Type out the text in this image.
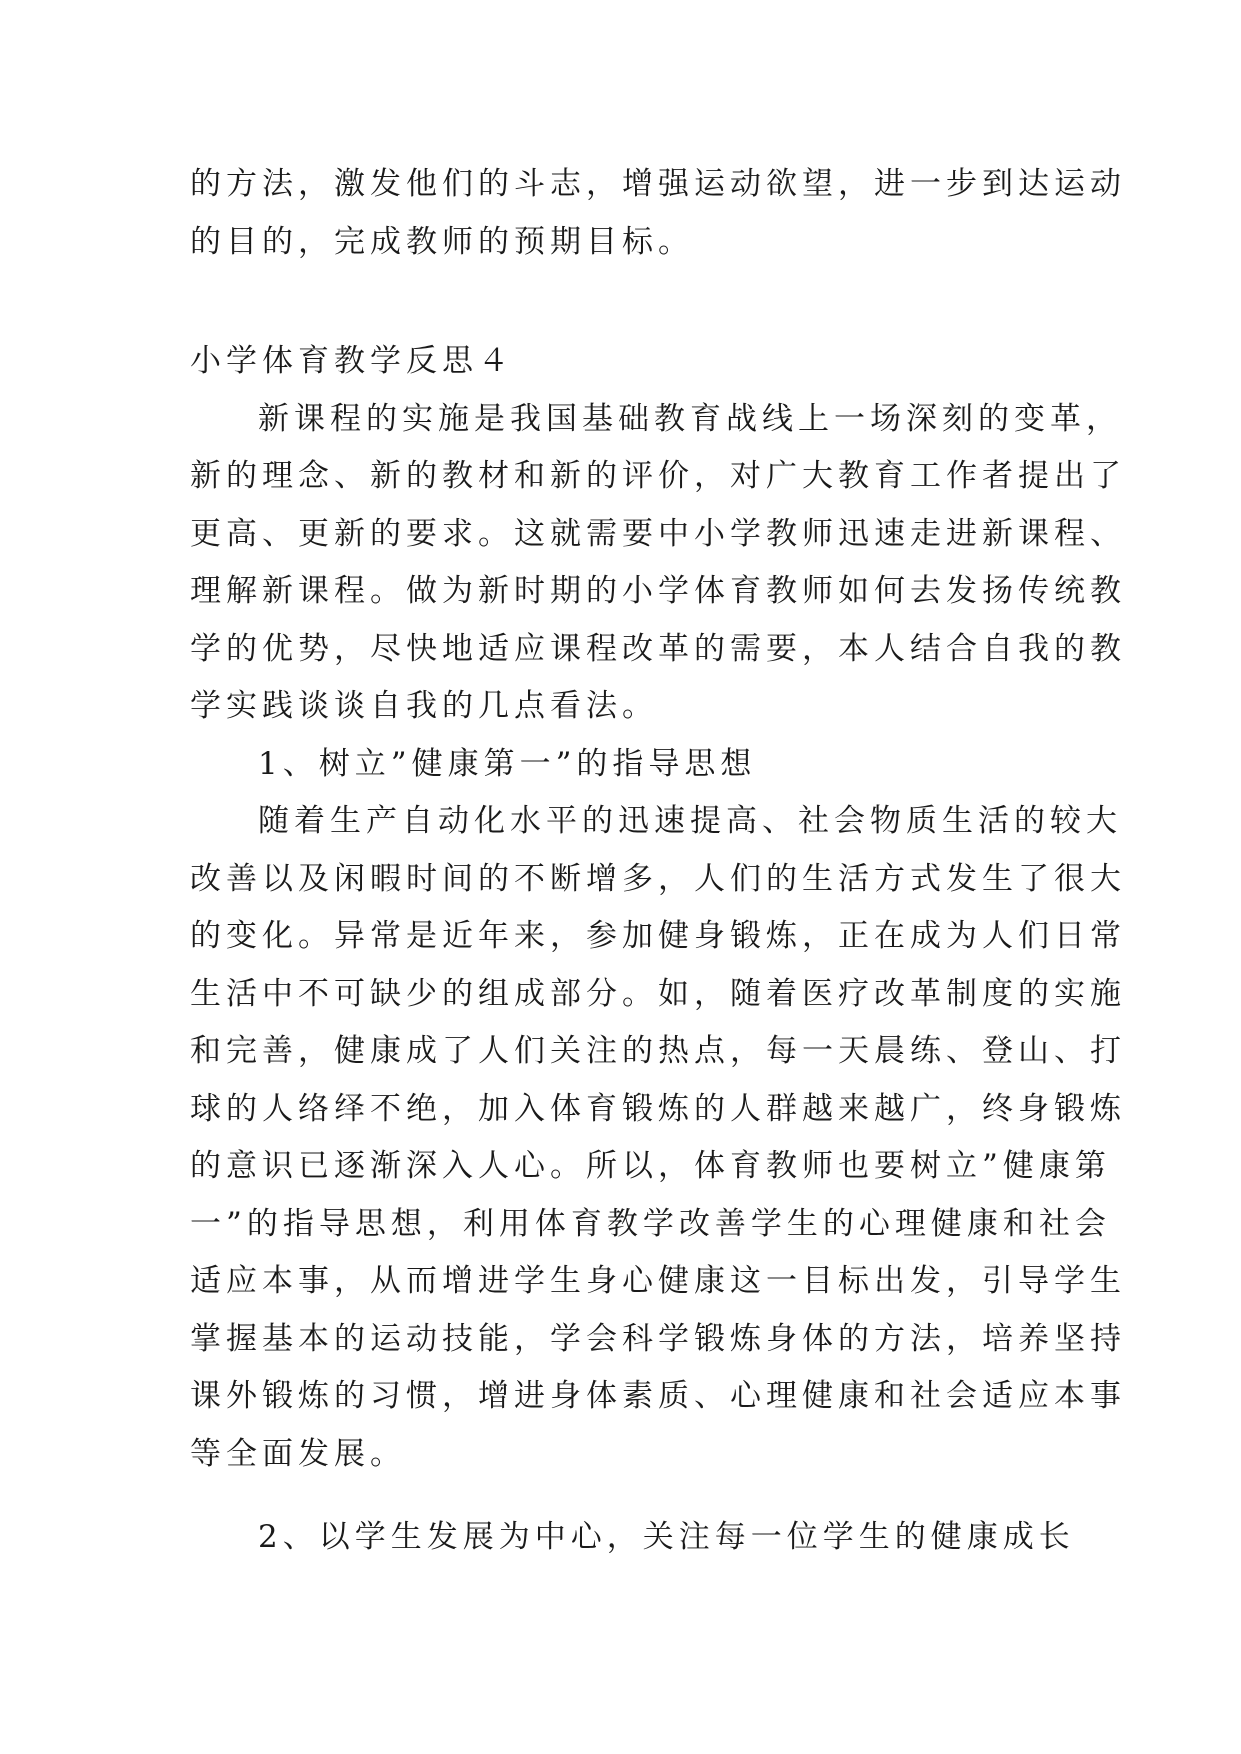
的方法，激发他们的斗志，增强运动欲望，进一步到达运动
的目的，完成教师的预期目标。
小学体育教学反思４
新课程的实施是我国基础教育战线上一场深刻的变革，
新的理念、新的教材和新的评价，对广大教育工作者提出了
更高、更新的要求。这就需要中小学教师迅速走进新课程、
理解新课程。做为新时期的小学体育教师如何去发扬传统教
学的优势，尽快地适应课程改革的需要，本人结合自我的教
学实践谈谈自我的几点看法。
1、树立”健康第一”的指导思想
随着生产自动化水平的迅速提高、社会物质生活的较大
改善以及闲暇时间的不断增多，人们的生活方式发生了很大
的变化。异常是近年来，参加健身锻炼，正在成为人们日常
生活中不可缺少的组成部分。如，随着医疗改革制度的实施
和完善，健康成了人们关注的热点，每一天晨练、登山、打
球的人络绎不绝，加入体育锻炼的人群越来越广，终身锻炼
的意识已逐渐深入人心。所以，体育教师也要树立”健康第
一”的指导思想，利用体育教学改善学生的心理健康和社会
适应本事，从而增进学生身心健康这一目标出发，引导学生
掌握基本的运动技能，学会科学锻炼身体的方法，培养坚持
课外锻炼的习惯，增进身体素质、心理健康和社会适应本事
等全面发展。
2、以学生发展为中心，关注每一位学生的健康成长
